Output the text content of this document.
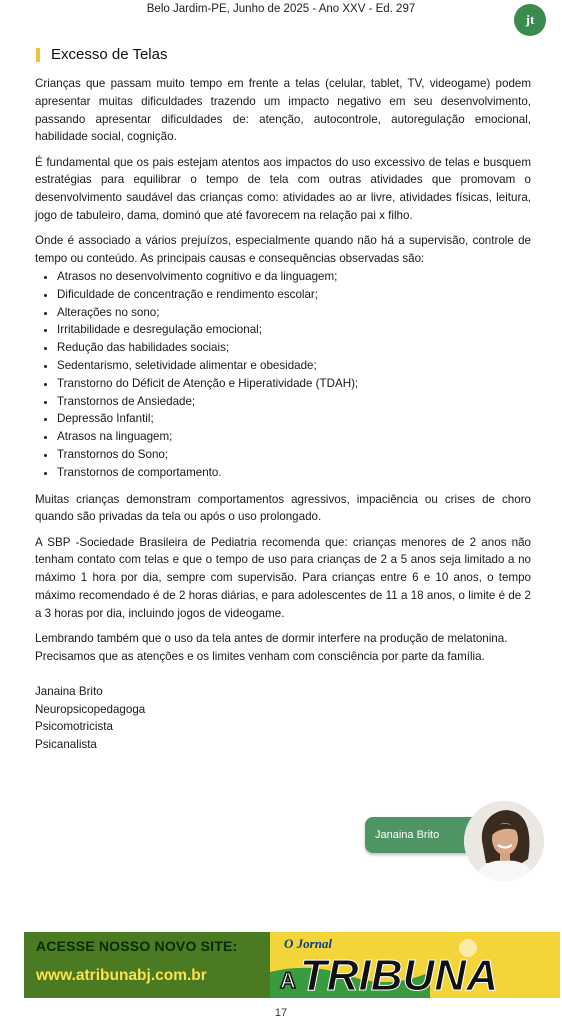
Belo Jardim-PE, Junho de 2025 - Ano XXV - Ed. 297
jt
Excesso de Telas

Crianças que passam muito tempo em frente a telas (celular, tablet, TV, videogame) podem apresentar muitas dificuldades trazendo um impacto negativo em seu desenvolvimento, passando apresentar dificuldades de: atenção, autocontrole, autoregulação emocional, habilidade social, cognição.

É fundamental que os pais estejam atentos aos impactos do uso excessivo de telas e busquem estratégias para equilibrar o tempo de tela com outras atividades que promovam o desenvolvimento saudável das crianças como: atividades ao ar livre, atividades físicas, leitura, jogo de tabuleiro, dama, dominó que até favorecem na relação pai x filho.

Onde é associado a vários prejuízos, especialmente quando não há a supervisão, controle de tempo ou conteúdo. As principais causas e consequências observadas são:

• Atrasos no desenvolvimento cognitivo e da linguagem;
• Dificuldade de concentração e rendimento escolar;
• Alterações no sono;
• Irritabilidade e desregulação emocional;
• Redução das habilidades sociais;
• Sedentarismo, seletividade alimentar e obesidade;
• Transtorno do Déficit de Atenção e Hiperatividade (TDAH);
• Transtornos de Ansiedade;
• Depressão Infantil;
• Atrasos na linguagem;
• Transtornos do Sono;
• Transtornos de comportamento.

Muitas crianças demonstram comportamentos agressivos, impaciência ou crises de choro quando são privadas da tela ou após o uso prolongado.

A SBP -Sociedade Brasileira de Pediatria recomenda que: crianças menores de 2 anos não tenham contato com telas e que o tempo de uso para crianças de 2 a 5 anos seja limitado a no máximo 1 hora por dia, sempre com supervisão. Para crianças entre 6 e 10 anos, o tempo máximo recomendado é de 2 horas diárias, e para adolescentes de 11 a 18 anos, o limite é de 2 a 3 horas por dia, incluindo jogos de videogame.

Lembrando também que o uso da tela antes de dormir interfere na produção de melatonina.

Precisamos que as atenções e os limites venham com consciência por parte da família.

Janaina Brito

Neuropsicopedagoga

Psicomotricista

Psicanalista

Janaina Brito
ACESSE NOSSO NOVO SITE:
www.atribunabj.com.br
O Jornal
A TRIBUNA
17
